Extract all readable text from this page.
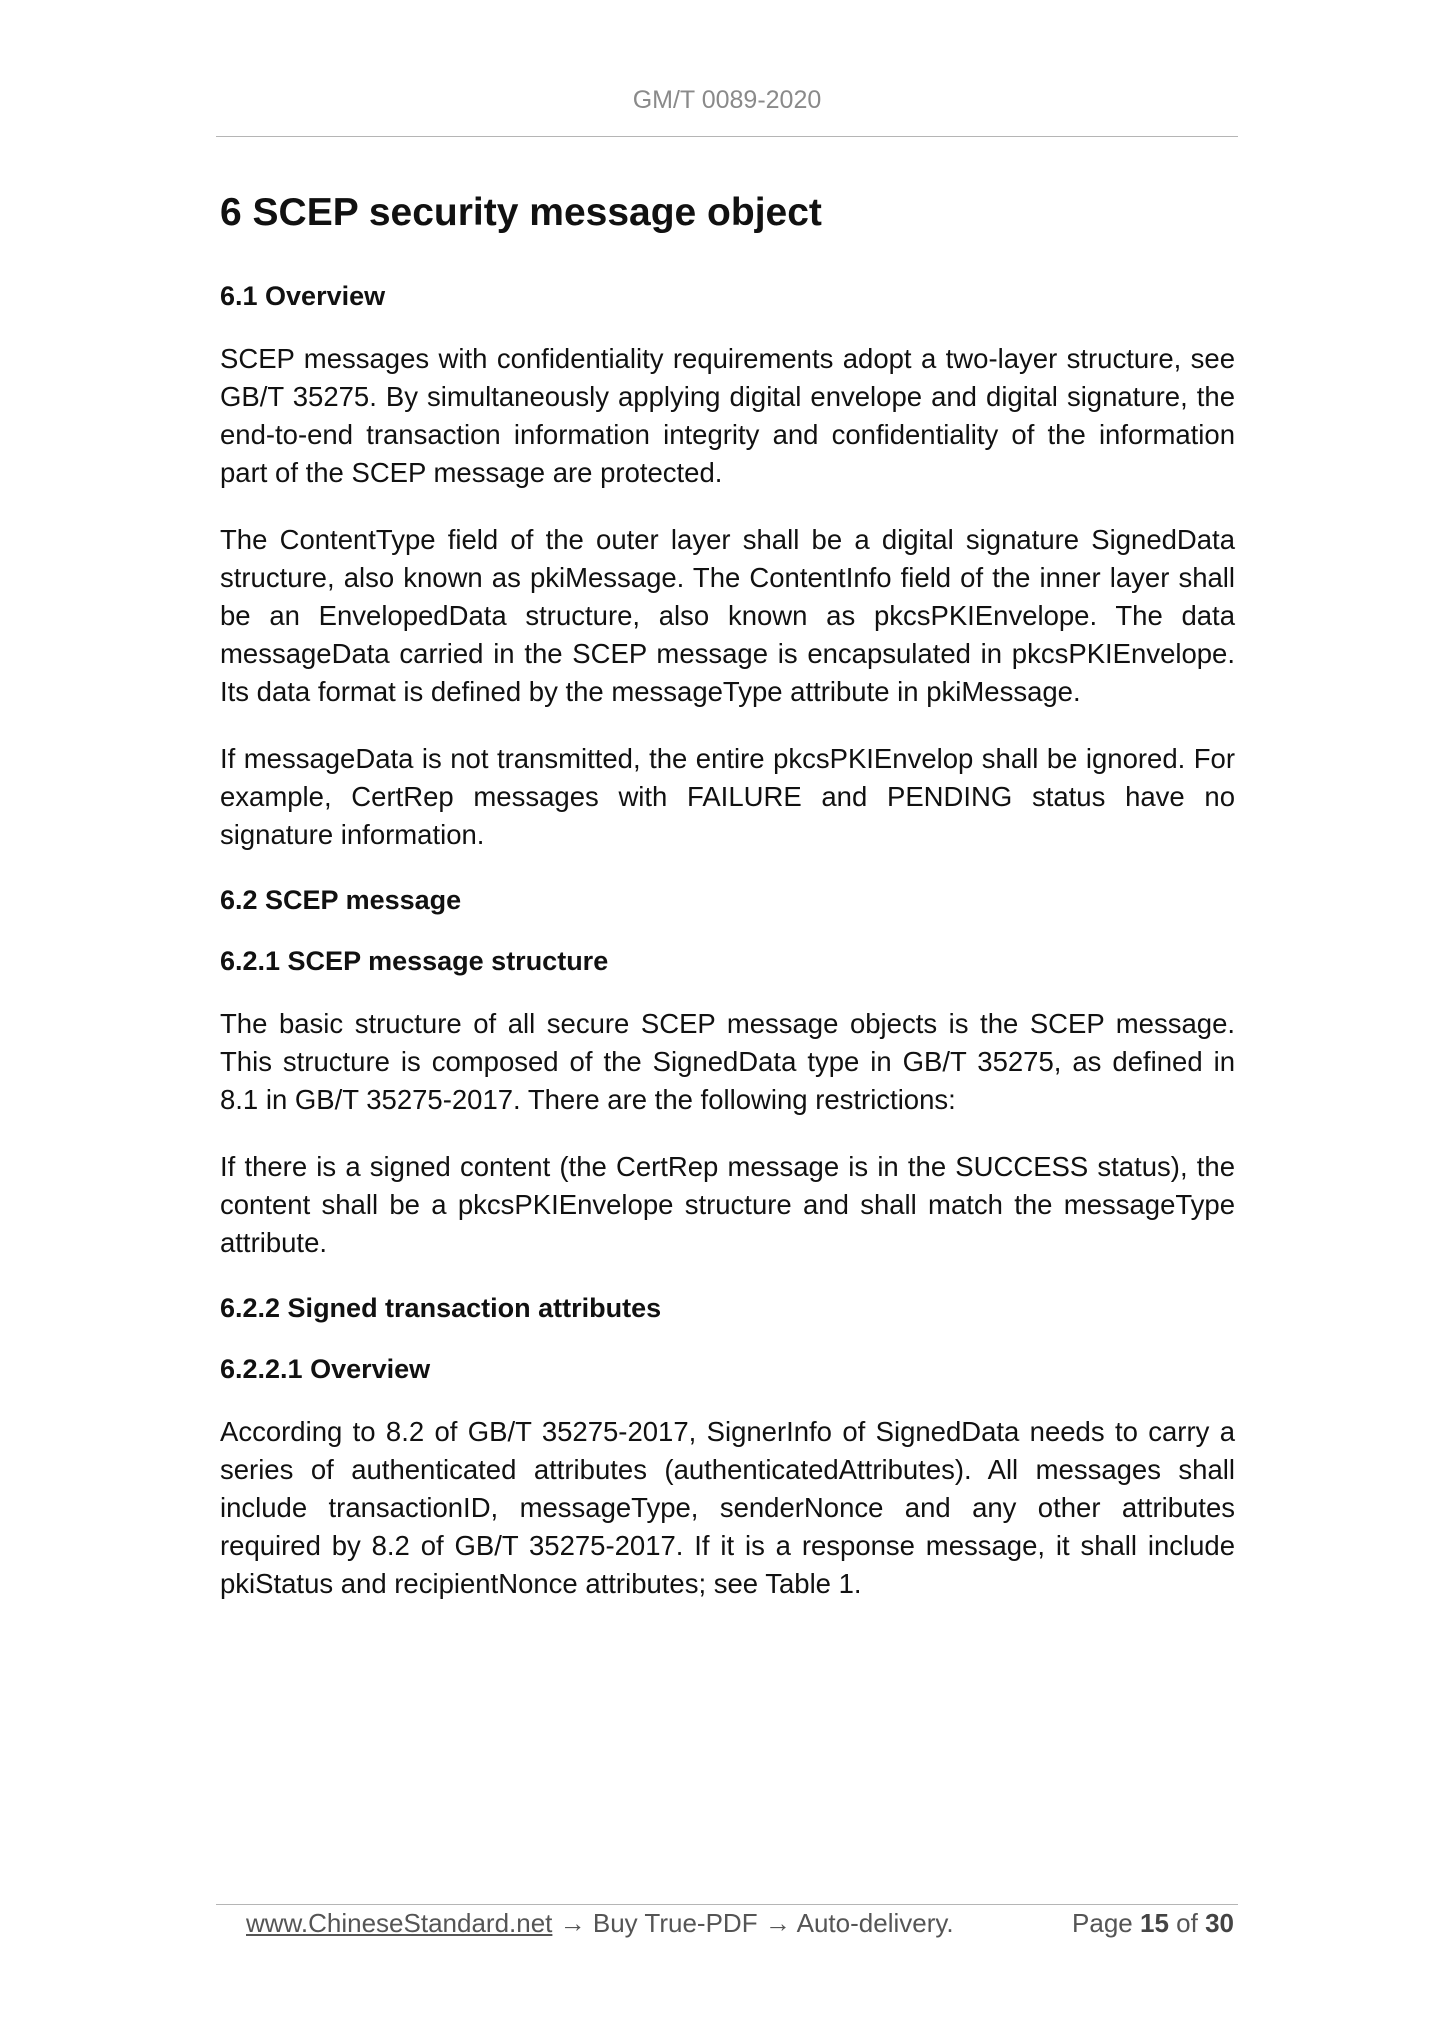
GM/T 0089-2020
6 SCEP security message object
6.1 Overview

SCEP messages with confidentiality requirements adopt a two-layer structure, see GB/T 35275. By simultaneously applying digital envelope and digital signature, the end-to-end transaction information integrity and confidentiality of the information part of the SCEP message are protected.

The ContentType field of the outer layer shall be a digital signature SignedData structure, also known as pkiMessage. The ContentInfo field of the inner layer shall be an EnvelopedData structure, also known as pkcsPKIEnvelope. The data messageData carried in the SCEP message is encapsulated in pkcsPKIEnvelope. Its data format is defined by the messageType attribute in pkiMessage.

If messageData is not transmitted, the entire pkcsPKIEnvelop shall be ignored. For example, CertRep messages with FAILURE and PENDING status have no signature information.

6.2 SCEP message
6.2.1 SCEP message structure

The basic structure of all secure SCEP message objects is the SCEP message. This structure is composed of the SignedData type in GB/T 35275, as defined in 8.1 in GB/T 35275-2017. There are the following restrictions:

If there is a signed content (the CertRep message is in the SUCCESS status), the content shall be a pkcsPKIEnvelope structure and shall match the messageType attribute.

6.2.2 Signed transaction attributes
6.2.2.1 Overview

According to 8.2 of GB/T 35275-2017, SignerInfo of SignedData needs to carry a series of authenticated attributes (authenticatedAttributes). All messages shall include transactionID, messageType, senderNonce and any other attributes required by 8.2 of GB/T 35275-2017. If it is a response message, it shall include pkiStatus and recipientNonce attributes; see Table 1.

www.ChineseStandard.net → Buy True-PDF → Auto-delivery.	Page 15 of 30
